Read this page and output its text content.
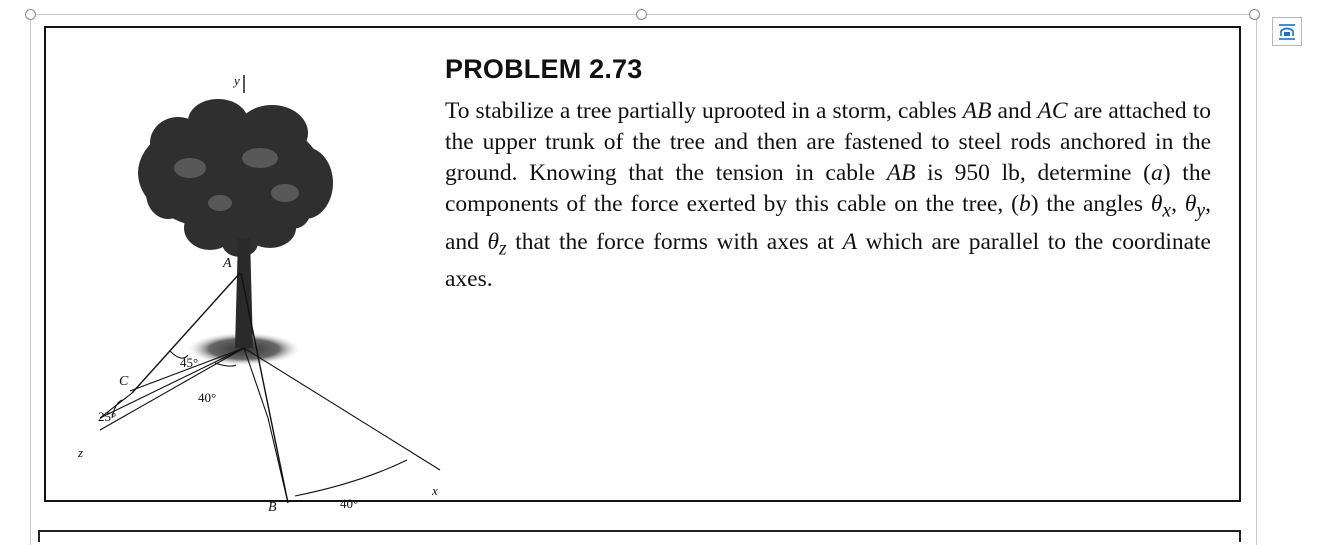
y
A
45°
C
40°
25°
z
B	40°
x
PROBLEM 2.73

To stabilize a tree partially uprooted in a storm, cables AB and AC are attached to the upper trunk of the tree and then are fastened to steel rods anchored in the ground. Knowing that the tension in cable AB is 950 lb, determine (a) the components of the force exerted by this cable on the tree, (b) the angles $\theta_x$, $\theta_y$, and $\theta_z$ that the force forms with axes at A which are parallel to the coordinate axes.
